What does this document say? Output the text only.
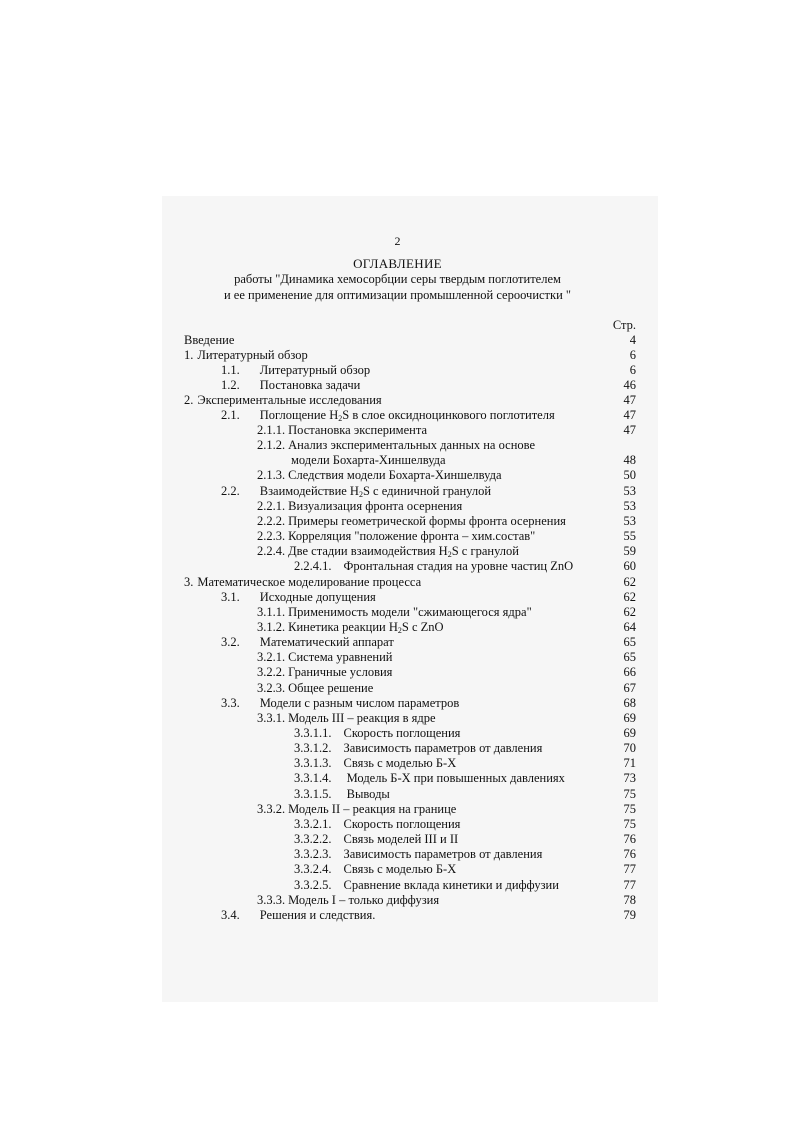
2
ОГЛАВЛЕНИЕ
работы "Динамика хемосорбции серы твердым поглотителем
и ее применение для оптимизации промышленной сероочистки "
Стр.
Введение	4
1. Литературный обзор	6
1.1. Литературный обзор	6
1.2. Постановка задачи	46
2. Экспериментальные исследования	47
2.1. Поглощение $H_2S$ в слое оксидноцинкового поглотителя	47
2.1.1. Постановка эксперимента	47
2.1.2. Анализ экспериментальных данных на основе
модели Бохарта-Хиншелвуда	48
2.1.3. Следствия модели Бохарта-Хиншелвуда	50
2.2. Взаимодействие $H_2S$ с единичной гранулой	53
2.2.1. Визуализация фронта осернения	53
2.2.2. Примеры геометрической формы фронта осернения	53
2.2.3. Корреляция "положение фронта – хим.состав"	55
2.2.4. Две стадии взаимодействия $H_2S$ с гранулой	59
2.2.4.1. Фронтальная стадия на уровне частиц ZnO	60
3. Математическое моделирование процесса	62
3.1. Исходные допущения	62
3.1.1. Применимость модели "сжимающегося ядра"	62
3.1.2. Кинетика реакции $H_2S$ с ZnO	64
3.2. Математический аппарат	65
3.2.1. Система уравнений	65
3.2.2. Граничные условия	66
3.2.3. Общее решение	67
3.3. Модели с разным числом параметров	68
3.3.1. Модель III – реакция в ядре	69
3.3.1.1. Скорость поглощения	69
3.3.1.2. Зависимость параметров от давления	70
3.3.1.3. Связь с моделью Б-Х	71
3.3.1.4. Модель Б-Х при повышенных давлениях	73
3.3.1.5. Выводы	75
3.3.2. Модель II – реакция на границе	75
3.3.2.1. Скорость поглощения	75
3.3.2.2. Связь моделей III и II	76
3.3.2.3. Зависимость параметров от давления	76
3.3.2.4. Связь с моделью Б-Х	77
3.3.2.5. Сравнение вклада кинетики и диффузии	77
3.3.3. Модель I – только диффузия	78
3.4. Решения и следствия.	79
